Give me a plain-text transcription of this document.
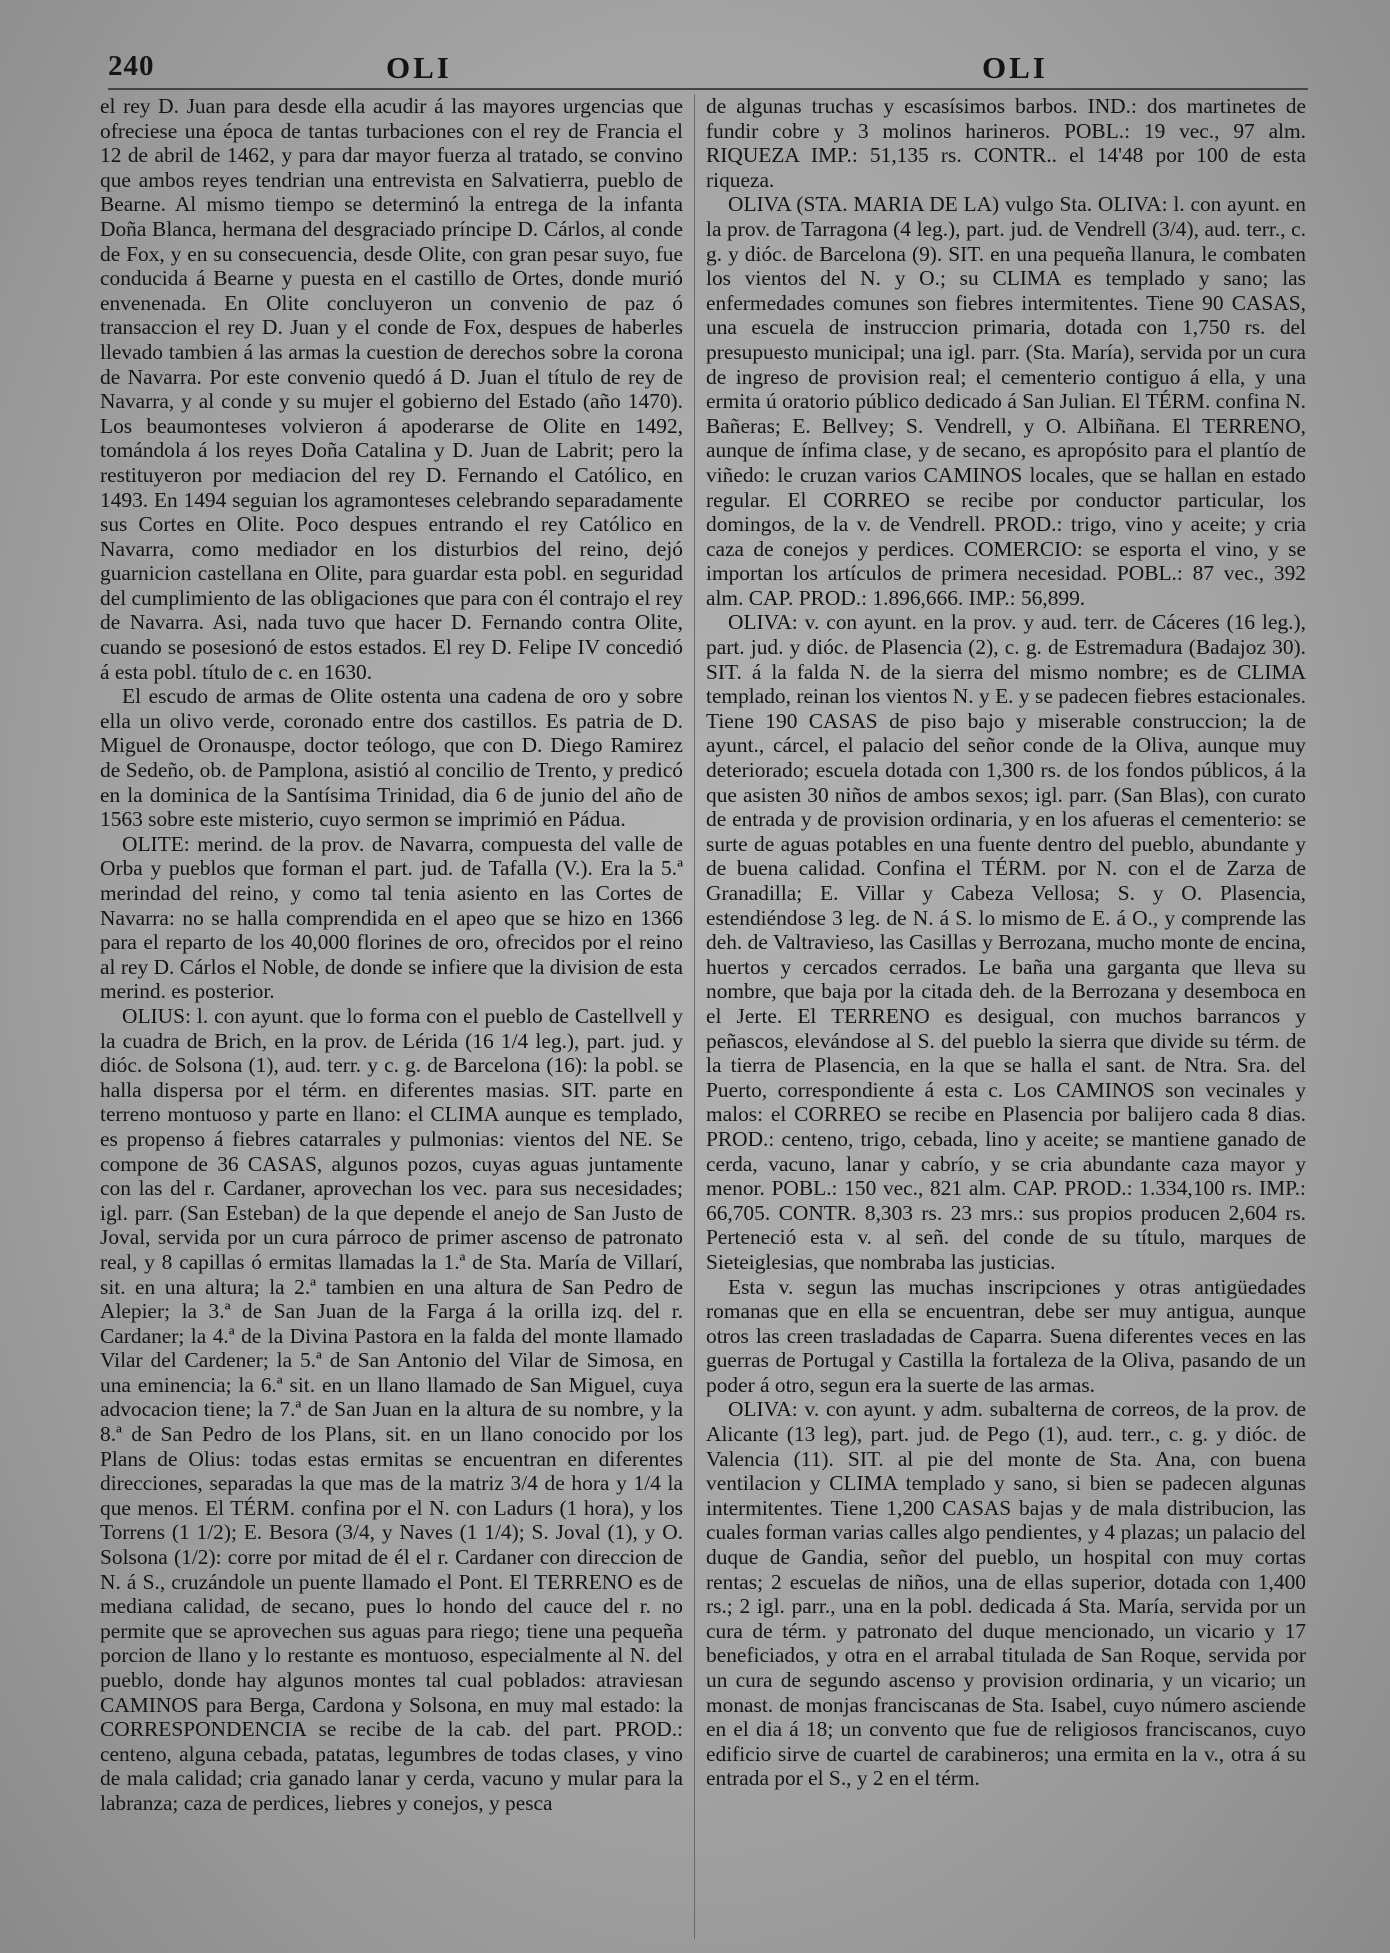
240	OLI	OLI

el rey D. Juan para desde ella acudir á las mayores urgencias que ofreciese una época de tantas turbaciones con el rey de Francia el 12 de abril de 1462, y para dar mayor fuerza al tratado, se convino que ambos reyes tendrian una entrevista en Salvatierra, pueblo de Bearne. Al mismo tiempo se determinó la entrega de la infanta Doña Blanca, hermana del desgraciado príncipe D. Cárlos, al conde de Fox, y en su consecuencia, desde Olite, con gran pesar suyo, fue conducida á Bearne y puesta en el castillo de Ortes, donde murió envenenada. En Olite concluyeron un convenio de paz ó transaccion el rey D. Juan y el conde de Fox, despues de haberles llevado tambien á las armas la cuestion de derechos sobre la corona de Navarra. Por este convenio quedó á D. Juan el título de rey de Navarra, y al conde y su mujer el gobierno del Estado (año 1470). Los beaumonteses volvieron á apoderarse de Olite en 1492, tomándola á los reyes Doña Catalina y D. Juan de Labrit; pero la restituyeron por mediacion del rey D. Fernando el Católico, en 1493. En 1494 seguian los agramonteses celebrando separadamente sus Cortes en Olite. Poco despues entrando el rey Católico en Navarra, como mediador en los disturbios del reino, dejó guarnicion castellana en Olite, para guardar esta pobl. en seguridad del cumplimiento de las obligaciones que para con él contrajo el rey de Navarra. Asi, nada tuvo que hacer D. Fernando contra Olite, cuando se posesionó de estos estados. El rey D. Felipe IV concedió á esta pobl. título de c. en 1630.

El escudo de armas de Olite ostenta una cadena de oro y sobre ella un olivo verde, coronado entre dos castillos. Es patria de D. Miguel de Oronauspe, doctor teólogo, que con D. Diego Ramirez de Sedeño, ob. de Pamplona, asistió al concilio de Trento, y predicó en la dominica de la Santísima Trinidad, dia 6 de junio del año de 1563 sobre este misterio, cuyo sermon se imprimió en Pádua.

OLITE: merind. de la prov. de Navarra, compuesta del valle de Orba y pueblos que forman el part. jud. de Tafalla (V.). Era la 5.ª merindad del reino, y como tal tenia asiento en las Cortes de Navarra: no se halla comprendida en el apeo que se hizo en 1366 para el reparto de los 40,000 florines de oro, ofrecidos por el reino al rey D. Cárlos el Noble, de donde se infiere que la division de esta merind. es posterior.

OLIUS: l. con ayunt. que lo forma con el pueblo de Castellvell y la cuadra de Brich, en la prov. de Lérida (16 1/4 leg.), part. jud. y dióc. de Solsona (1), aud. terr. y c. g. de Barcelona (16): la pobl. se halla dispersa por el térm. en diferentes masias. SIT. parte en terreno montuoso y parte en llano: el CLIMA aunque es templado, es propenso á fiebres catarrales y pulmonias: vientos del NE. Se compone de 36 CASAS, algunos pozos, cuyas aguas juntamente con las del r. Cardaner, aprovechan los vec. para sus necesidades; igl. parr. (San Esteban) de la que depende el anejo de San Justo de Joval, servida por un cura párroco de primer ascenso de patronato real, y 8 capillas ó ermitas llamadas la 1.ª de Sta. María de Villarí, sit. en una altura; la 2.ª tambien en una altura de San Pedro de Alepier; la 3.ª de San Juan de la Farga á la orilla izq. del r. Cardaner; la 4.ª de la Divina Pastora en la falda del monte llamado Vilar del Cardener; la 5.ª de San Antonio del Vilar de Simosa, en una eminencia; la 6.ª sit. en un llano llamado de San Miguel, cuya advocacion tiene; la 7.ª de San Juan en la altura de su nombre, y la 8.ª de San Pedro de los Plans, sit. en un llano conocido por los Plans de Olius: todas estas ermitas se encuentran en diferentes direcciones, separadas la que mas de la matriz 3/4 de hora y 1/4 la que menos. El TÉRM. confina por el N. con Ladurs (1 hora), y los Torrens (1 1/2); E. Besora (3/4, y Naves (1 1/4); S. Joval (1), y O. Solsona (1/2): corre por mitad de él el r. Cardaner con direccion de N. á S., cruzándole un puente llamado el Pont. El TERRENO es de mediana calidad, de secano, pues lo hondo del cauce del r. no permite que se aprovechen sus aguas para riego; tiene una pequeña porcion de llano y lo restante es montuoso, especialmente al N. del pueblo, donde hay algunos montes tal cual poblados: atraviesan CAMINOS para Berga, Cardona y Solsona, en muy mal estado: la CORRESPONDENCIA se recibe de la cab. del part. PROD.: centeno, alguna cebada, patatas, legumbres de todas clases, y vino de mala calidad; cria ganado lanar y cerda, vacuno y mular para la labranza; caza de perdices, liebres y conejos, y pesca

de algunas truchas y escasísimos barbos. IND.: dos martinetes de fundir cobre y 3 molinos harineros. POBL.: 19 vec., 97 alm. RIQUEZA IMP.: 51,135 rs. CONTR.. el 14'48 por 100 de esta riqueza.

OLIVA (STA. MARIA DE LA) vulgo Sta. OLIVA: l. con ayunt. en la prov. de Tarragona (4 leg.), part. jud. de Vendrell (3/4), aud. terr., c. g. y dióc. de Barcelona (9). SIT. en una pequeña llanura, le combaten los vientos del N. y O.; su CLIMA es templado y sano; las enfermedades comunes son fiebres intermitentes. Tiene 90 CASAS, una escuela de instruccion primaria, dotada con 1,750 rs. del presupuesto municipal; una igl. parr. (Sta. María), servida por un cura de ingreso de provision real; el cementerio contiguo á ella, y una ermita ú oratorio público dedicado á San Julian. El TÉRM. confina N. Bañeras; E. Bellvey; S. Vendrell, y O. Albiñana. El TERRENO, aunque de ínfima clase, y de secano, es apropósito para el plantío de viñedo: le cruzan varios CAMINOS locales, que se hallan en estado regular. El CORREO se recibe por conductor particular, los domingos, de la v. de Vendrell. PROD.: trigo, vino y aceite; y cria caza de conejos y perdices. COMERCIO: se esporta el vino, y se importan los artículos de primera necesidad. POBL.: 87 vec., 392 alm. CAP. PROD.: 1.896,666. IMP.: 56,899.

OLIVA: v. con ayunt. en la prov. y aud. terr. de Cáceres (16 leg.), part. jud. y dióc. de Plasencia (2), c. g. de Estremadura (Badajoz 30). SIT. á la falda N. de la sierra del mismo nombre; es de CLIMA templado, reinan los vientos N. y E. y se padecen fiebres estacionales. Tiene 190 CASAS de piso bajo y miserable construccion; la de ayunt., cárcel, el palacio del señor conde de la Oliva, aunque muy deteriorado; escuela dotada con 1,300 rs. de los fondos públicos, á la que asisten 30 niños de ambos sexos; igl. parr. (San Blas), con curato de entrada y de provision ordinaria, y en los afueras el cementerio: se surte de aguas potables en una fuente dentro del pueblo, abundante y de buena calidad. Confina el TÉRM. por N. con el de Zarza de Granadilla; E. Villar y Cabeza Vellosa; S. y O. Plasencia, estendiéndose 3 leg. de N. á S. lo mismo de E. á O., y comprende las deh. de Valtravieso, las Casillas y Berrozana, mucho monte de encina, huertos y cercados cerrados. Le baña una garganta que lleva su nombre, que baja por la citada deh. de la Berrozana y desemboca en el Jerte. El TERRENO es desigual, con muchos barrancos y peñascos, elevándose al S. del pueblo la sierra que divide su térm. de la tierra de Plasencia, en la que se halla el sant. de Ntra. Sra. del Puerto, correspondiente á esta c. Los CAMINOS son vecinales y malos: el CORREO se recibe en Plasencia por balijero cada 8 dias. PROD.: centeno, trigo, cebada, lino y aceite; se mantiene ganado de cerda, vacuno, lanar y cabrío, y se cria abundante caza mayor y menor. POBL.: 150 vec., 821 alm. CAP. PROD.: 1.334,100 rs. IMP.: 66,705. CONTR. 8,303 rs. 23 mrs.: sus propios producen 2,604 rs. Perteneció esta v. al señ. del conde de su título, marques de Sieteiglesias, que nombraba las justicias.

Esta v. segun las muchas inscripciones y otras antigüedades romanas que en ella se encuentran, debe ser muy antigua, aunque otros las creen trasladadas de Caparra. Suena diferentes veces en las guerras de Portugal y Castilla la fortaleza de la Oliva, pasando de un poder á otro, segun era la suerte de las armas.

OLIVA: v. con ayunt. y adm. subalterna de correos, de la prov. de Alicante (13 leg), part. jud. de Pego (1), aud. terr., c. g. y dióc. de Valencia (11). SIT. al pie del monte de Sta. Ana, con buena ventilacion y CLIMA templado y sano, si bien se padecen algunas intermitentes. Tiene 1,200 CASAS bajas y de mala distribucion, las cuales forman varias calles algo pendientes, y 4 plazas; un palacio del duque de Gandia, señor del pueblo, un hospital con muy cortas rentas; 2 escuelas de niños, una de ellas superior, dotada con 1,400 rs.; 2 igl. parr., una en la pobl. dedicada á Sta. María, servida por un cura de térm. y patronato del duque mencionado, un vicario y 17 beneficiados, y otra en el arrabal titulada de San Roque, servida por un cura de segundo ascenso y provision ordinaria, y un vicario; un monast. de monjas franciscanas de Sta. Isabel, cuyo número asciende en el dia á 18; un convento que fue de religiosos franciscanos, cuyo edificio sirve de cuartel de carabineros; una ermita en la v., otra á su entrada por el S., y 2 en el térm.
